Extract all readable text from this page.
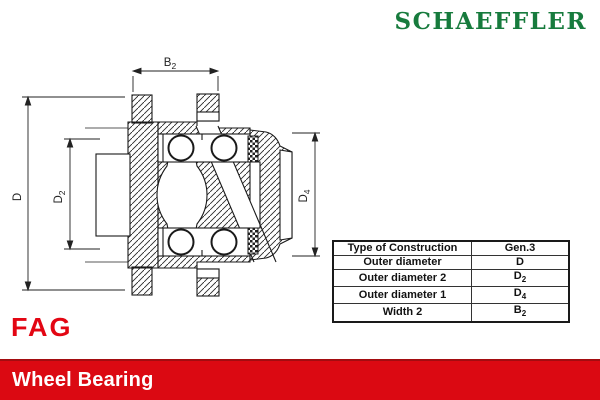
$B_2$
D	$D_2$
$D_4$
SCHAEFFLER
Type of Construction	Gen.3
Outer diameter	D
Outer diameter 2	$D_2$
Outer diameter 1	$D_4$
Width 2	$B_2$
FAG
Wheel Bearing
